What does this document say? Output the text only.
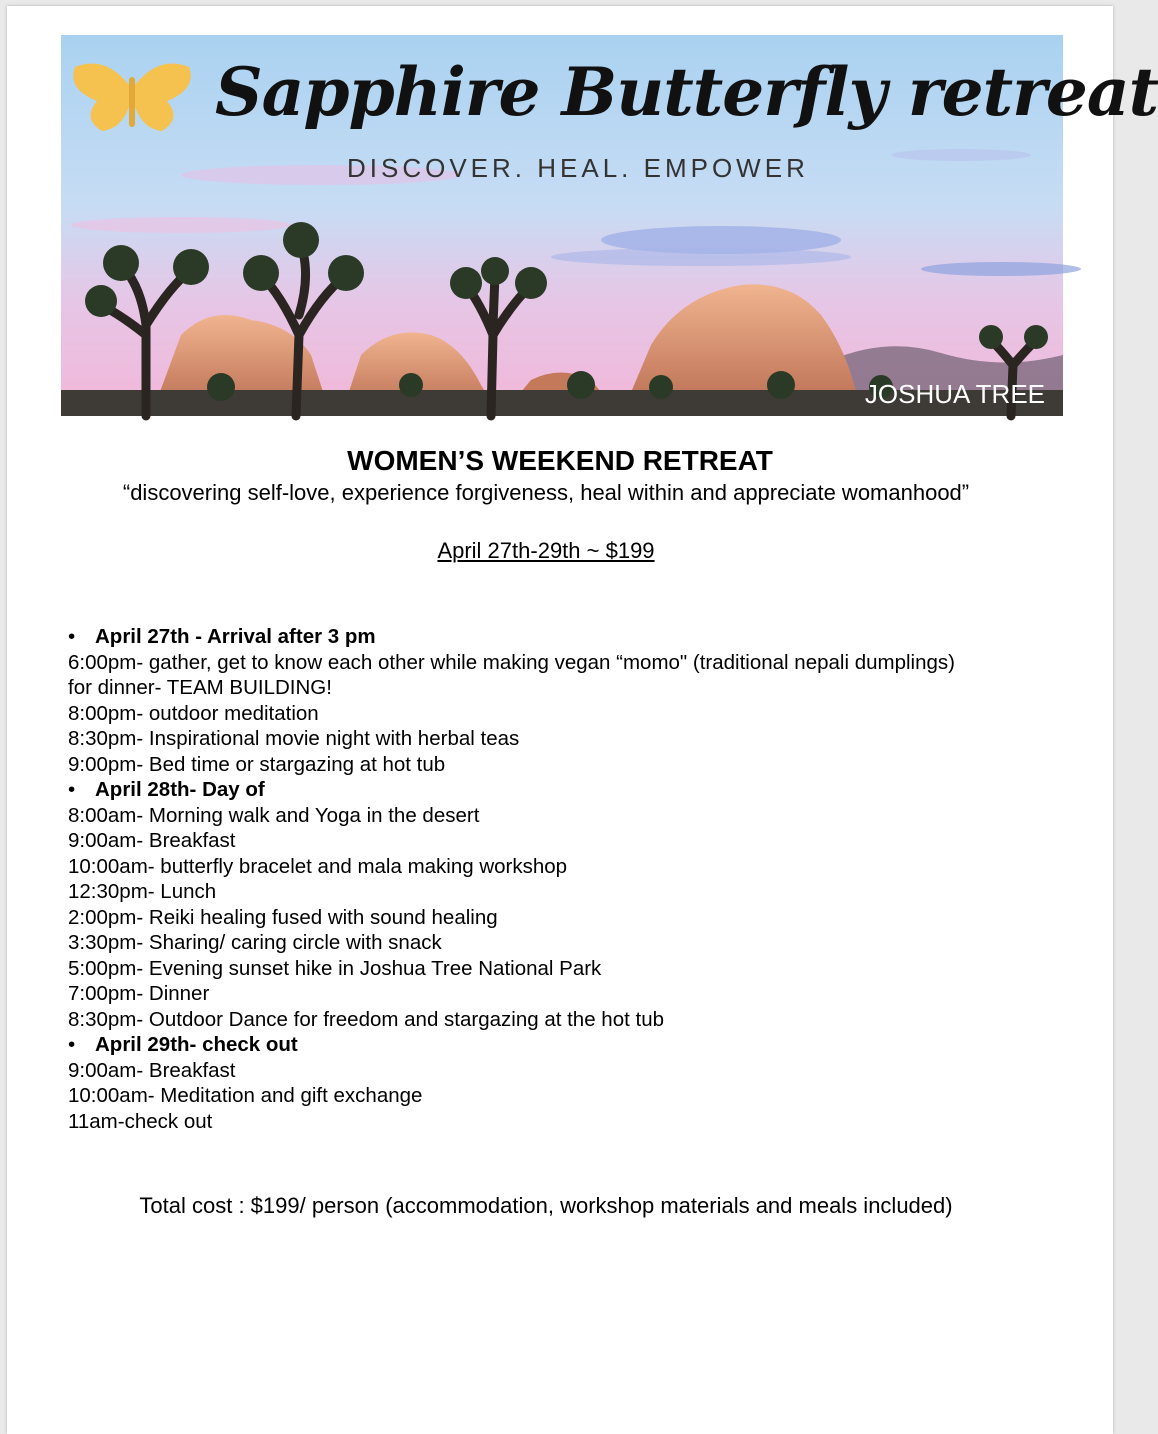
Sapphire Butterfly retreat
DISCOVER. HEAL. EMPOWER
JOSHUA TREE
WOMEN’S WEEKEND RETREAT
“discovering self-love, experience forgiveness, heal within and appreciate womanhood”
April 27th-29th ~ $199
• April 27th - Arrival after 3 pm
6:00pm- gather, get to know each other while making vegan “momo" (traditional nepali dumplings)
for dinner- TEAM BUILDING!
8:00pm- outdoor meditation
8:30pm- Inspirational movie night with herbal teas
9:00pm- Bed time or stargazing at hot tub
• April 28th- Day of
8:00am- Morning walk and Yoga in the desert
9:00am- Breakfast
10:00am- butterfly bracelet and mala making workshop
12:30pm- Lunch
2:00pm- Reiki healing fused with sound healing
3:30pm- Sharing/ caring circle with snack
5:00pm- Evening sunset hike in Joshua Tree National Park
7:00pm- Dinner
8:30pm- Outdoor Dance for freedom and stargazing at the hot tub
• April 29th- check out
9:00am- Breakfast
10:00am- Meditation and gift exchange
11am-check out
Total cost : $199/ person (accommodation, workshop materials and meals included)
